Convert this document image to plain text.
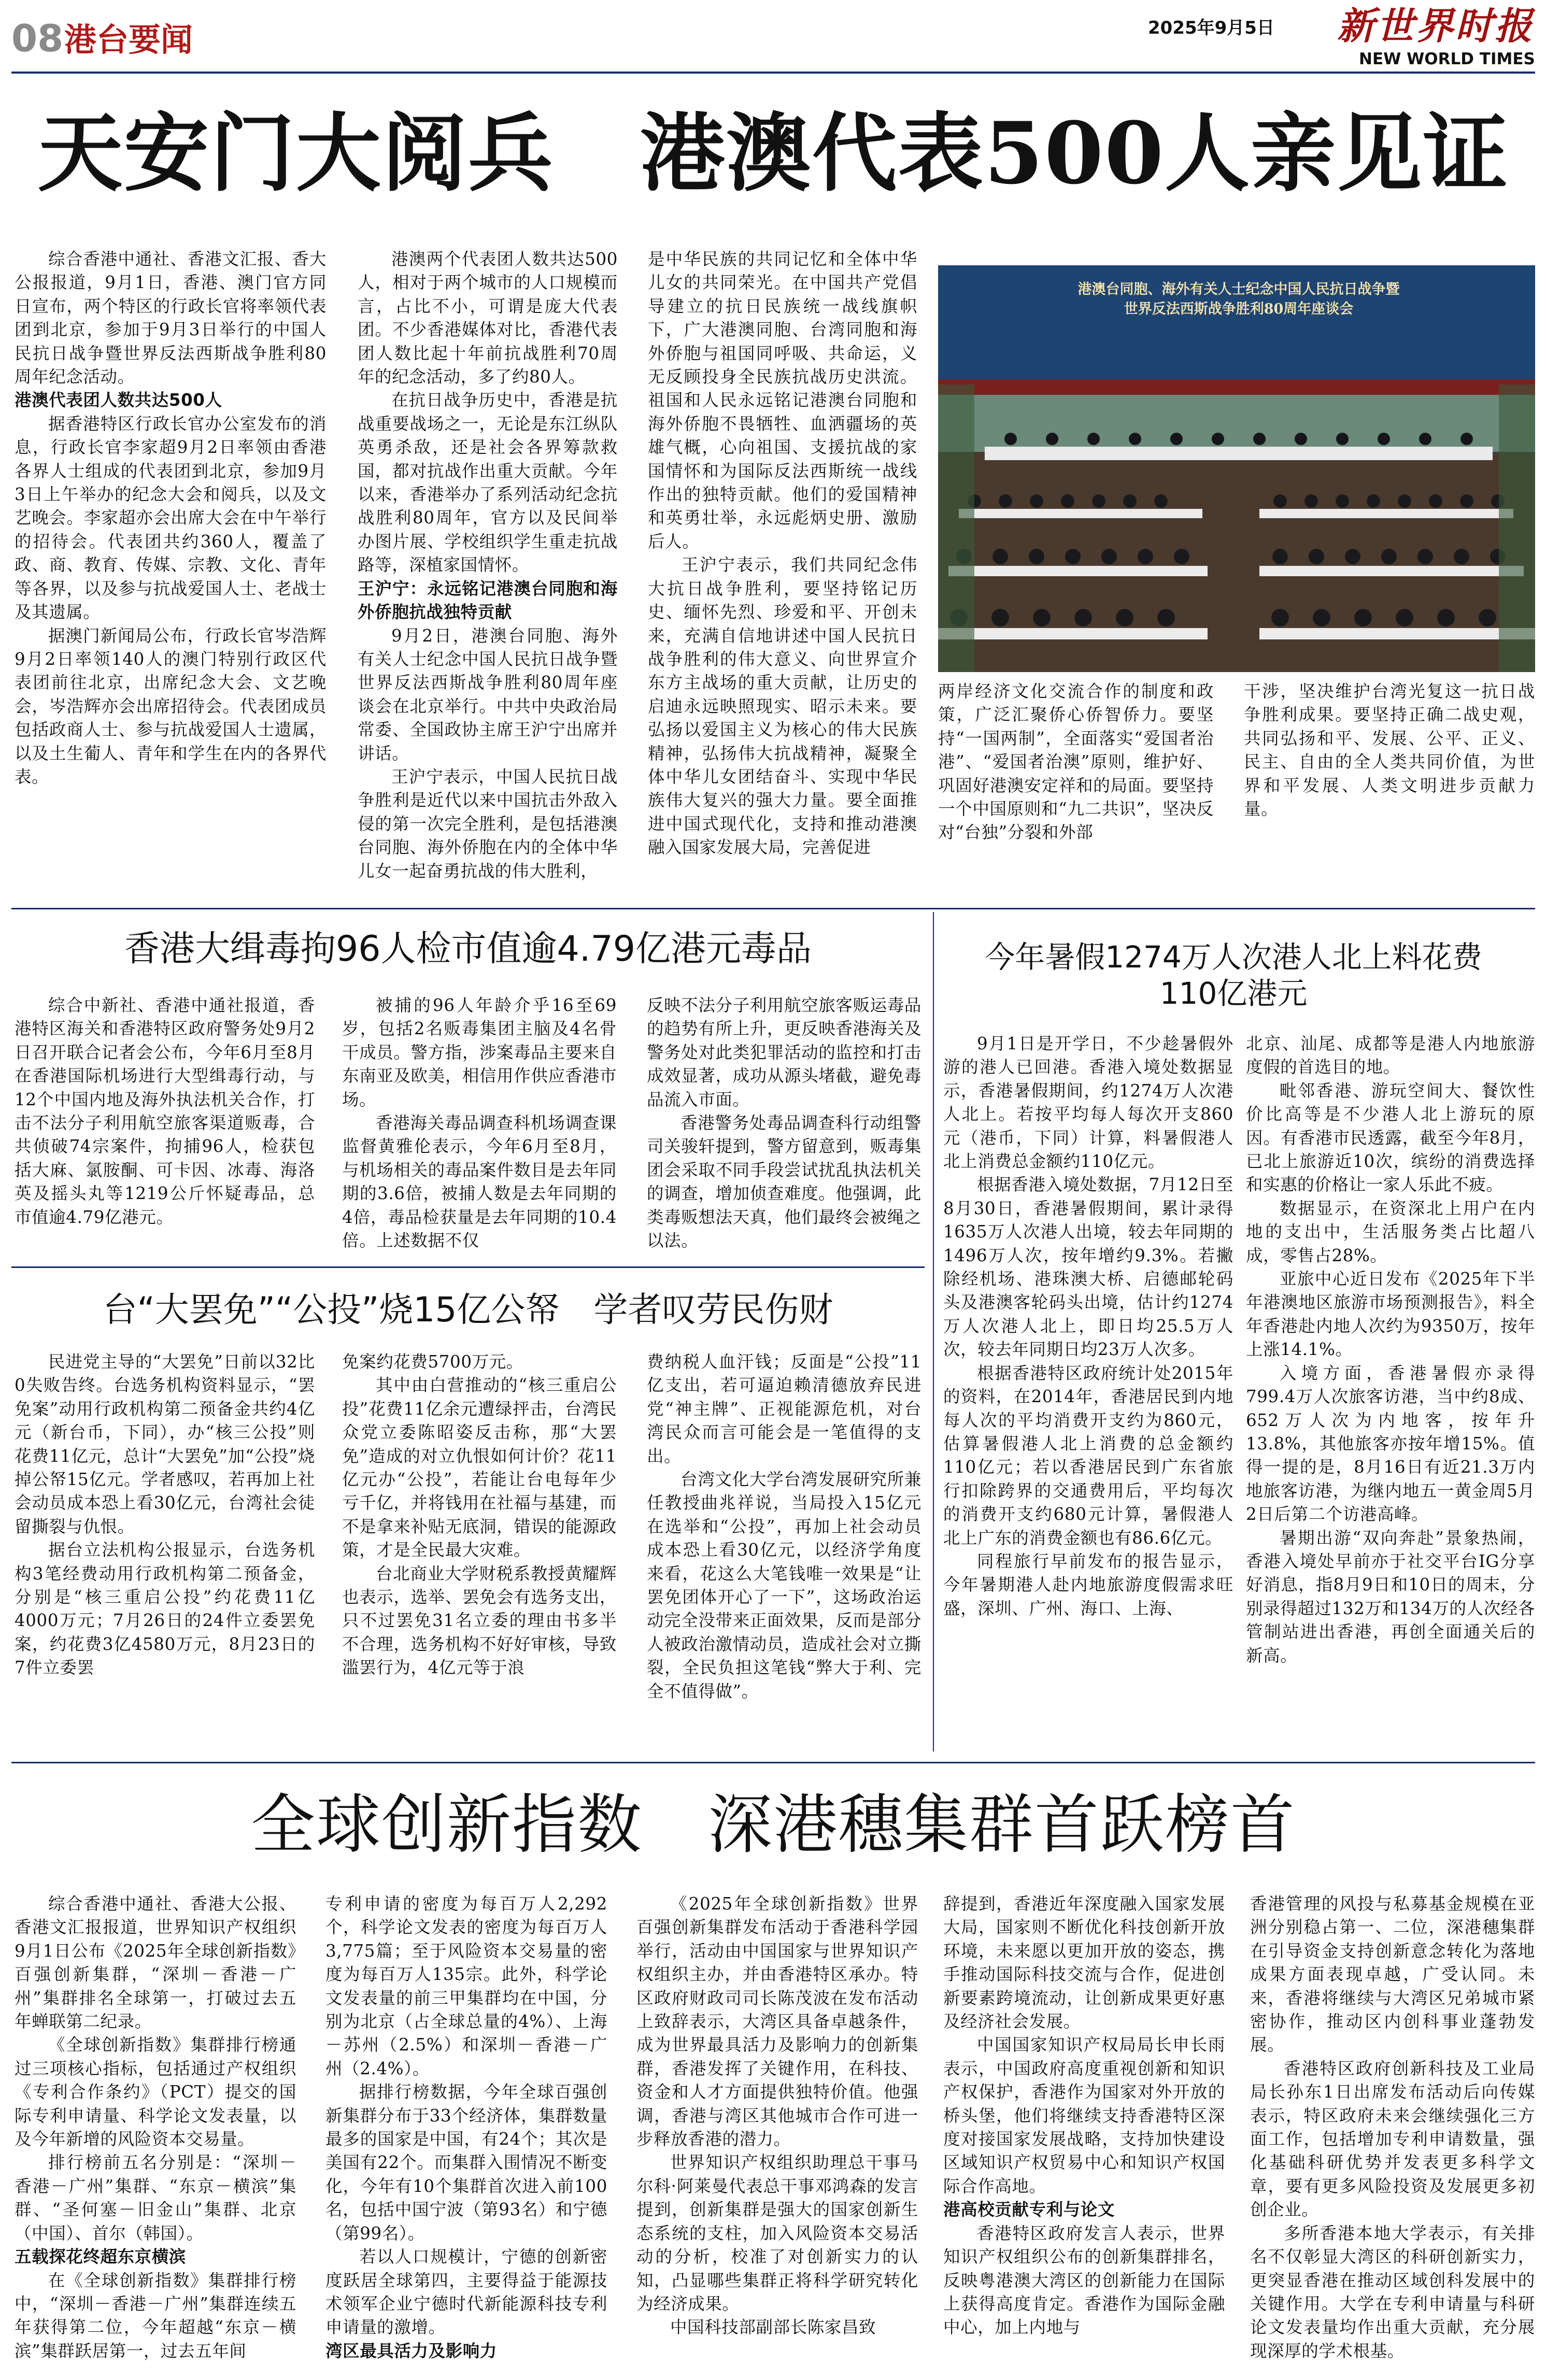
08 港台要闻	2025年9月5日 新世界时报
NEW WORLD TIMES
天安门大阅兵　港澳代表500人亲见证

综合香港中通社、香港文汇报、香大公报报道，9月1日，香港、澳门官方同日宣布，两个特区的行政长官将率领代表团到北京，参加于9月3日举行的中国人民抗日战争暨世界反法西斯战争胜利80周年纪念活动。

港澳代表团人数共达500人

据香港特区行政长官办公室发布的消息，行政长官李家超9月2日率领由香港各界人士组成的代表团到北京，参加9月3日上午举办的纪念大会和阅兵，以及文艺晚会。李家超亦会出席大会在中午举行的招待会。代表团共约360人，覆盖了政、商、教育、传媒、宗教、文化、青年等各界，以及参与抗战爱国人士、老战士及其遗属。

据澳门新闻局公布，行政长官岑浩辉9月2日率领140人的澳门特别行政区代表团前往北京，出席纪念大会、文艺晚会，岑浩辉亦会出席招待会。代表团成员包括政商人士、参与抗战爱国人士遗属，以及土生葡人、青年和学生在内的各界代表。

港澳两个代表团人数共达500人，相对于两个城市的人口规模而言，占比不小，可谓是庞大代表团。不少香港媒体对比，香港代表团人数比起十年前抗战胜利70周年的纪念活动，多了约80人。

在抗日战争历史中，香港是抗战重要战场之一，无论是东江纵队英勇杀敌，还是社会各界筹款救国，都对抗战作出重大贡献。今年以来，香港举办了系列活动纪念抗战胜利80周年，官方以及民间举办图片展、学校组织学生重走抗战路等，深植家国情怀。

王沪宁：永远铭记港澳台同胞和海外侨胞抗战独特贡献

9月2日，港澳台同胞、海外有关人士纪念中国人民抗日战争暨世界反法西斯战争胜利80周年座谈会在北京举行。中共中央政治局常委、全国政协主席王沪宁出席并讲话。

王沪宁表示，中国人民抗日战争胜利是近代以来中国抗击外敌入侵的第一次完全胜利，是包括港澳台同胞、海外侨胞在内的全体中华儿女一起奋勇抗战的伟大胜利，

是中华民族的共同记忆和全体中华儿女的共同荣光。在中国共产党倡导建立的抗日民族统一战线旗帜下，广大港澳同胞、台湾同胞和海外侨胞与祖国同呼吸、共命运，义无反顾投身全民族抗战历史洪流。祖国和人民永远铭记港澳台同胞和海外侨胞不畏牺牲、血洒疆场的英雄气概，心向祖国、支援抗战的家国情怀和为国际反法西斯统一战线作出的独特贡献。他们的爱国精神和英勇壮举，永远彪炳史册、激励后人。

王沪宁表示，我们共同纪念伟大抗日战争胜利，要坚持铭记历史、缅怀先烈、珍爱和平、开创未来，充满自信地讲述中国人民抗日战争胜利的伟大意义、向世界宣介东方主战场的重大贡献，让历史的启迪永远映照现实、昭示未来。要弘扬以爱国主义为核心的伟大民族精神，弘扬伟大抗战精神，凝聚全体中华儿女团结奋斗、实现中华民族伟大复兴的强大力量。要全面推进中国式现代化，支持和推动港澳融入国家发展大局，完善促进

港澳台同胞、海外有关人士纪念中国人民抗日战争暨世界反法西斯战争胜利80周年座谈会

两岸经济文化交流合作的制度和政策，广泛汇聚侨心侨智侨力。要坚持“一国两制”，全面落实“爱国者治港”、“爱国者治澳”原则，维护好、巩固好港澳安定祥和的局面。要坚持一个中国原则和“九二共识”，坚决反对“台独”分裂和外部

干涉，坚决维护台湾光复这一抗日战争胜利成果。要坚持正确二战史观，共同弘扬和平、发展、公平、正义、民主、自由的全人类共同价值，为世界和平发展、人类文明进步贡献力量。

香港大缉毒拘96人检市值逾4.79亿港元毒品

综合中新社、香港中通社报道，香港特区海关和香港特区政府警务处9月2日召开联合记者会公布，今年6月至8月在香港国际机场进行大型缉毒行动，与12个中国内地及海外执法机关合作，打击不法分子利用航空旅客渠道贩毒，合共侦破74宗案件，拘捕96人，检获包括大麻、氯胺酮、可卡因、冰毒、海洛英及摇头丸等1219公斤怀疑毒品，总市值逾4.79亿港元。

被捕的96人年龄介乎16至69岁，包括2名贩毒集团主脑及4名骨干成员。警方指，涉案毒品主要来自东南亚及欧美，相信用作供应香港市场。

香港海关毒品调查科机场调查课监督黄雅伦表示，今年6月至8月，与机场相关的毒品案件数目是去年同期的3.6倍，被捕人数是去年同期的4倍，毒品检获量是去年同期的10.4倍。上述数据不仅

反映不法分子利用航空旅客贩运毒品的趋势有所上升，更反映香港海关及警务处对此类犯罪活动的监控和打击成效显著，成功从源头堵截，避免毒品流入市面。

香港警务处毒品调查科行动组警司关骏轩提到，警方留意到，贩毒集团会采取不同手段尝试扰乱执法机关的调查，增加侦查难度。他强调，此类毒贩想法天真，他们最终会被绳之以法。

台“大罢免”“公投”烧15亿公帑　学者叹劳民伤财

民进党主导的“大罢免”日前以32比0失败告终。台选务机构资料显示，“罢免案”动用行政机构第二预备金共约4亿元（新台币，下同），办“核三公投”则花费11亿元，总计“大罢免”加“公投”烧掉公帑15亿元。学者感叹，若再加上社会动员成本恐上看30亿元，台湾社会徒留撕裂与仇恨。

据台立法机构公报显示，台选务机构3笔经费动用行政机构第二预备金，分别是“核三重启公投”约花费11亿4000万元；7月26日的24件立委罢免案，约花费3亿4580万元，8月23日的7件立委罢

免案约花费5700万元。

其中由白营推动的“核三重启公投”花费11亿余元遭绿抨击，台湾民众党立委陈昭姿反击称，那“大罢免”造成的对立仇恨如何计价？花11亿元办“公投”，若能让台电每年少亏千亿，并将钱用在社福与基建，而不是拿来补贴无底洞，错误的能源政策，才是全民最大灾难。

台北商业大学财税系教授黄耀辉也表示，选举、罢免会有选务支出，只不过罢免31名立委的理由书多半不合理，选务机构不好好审核，导致滥罢行为，4亿元等于浪

费纳税人血汗钱；反面是“公投”11亿支出，若可逼迫赖清德放弃民进党“神主牌”、正视能源危机，对台湾民众而言可能会是一笔值得的支出。

台湾文化大学台湾发展研究所兼任教授曲兆祥说，当局投入15亿元在选举和“公投”，再加上社会动员成本恐上看30亿元，以经济学角度来看，花这么大笔钱唯一效果是“让罢免团体开心了一下”，这场政治运动完全没带来正面效果，反而是部分人被政治激情动员，造成社会对立撕裂，全民负担这笔钱“弊大于利、完全不值得做”。

今年暑假1274万人次港人北上料花费110亿港元

9月1日是开学日，不少趁暑假外游的港人已回港。香港入境处数据显示，香港暑假期间，约1274万人次港人北上。若按平均每人每次开支860元（港币，下同）计算，料暑假港人北上消费总金额约110亿元。

根据香港入境处数据，7月12日至8月30日，香港暑假期间，累计录得1635万人次港人出境，较去年同期的1496万人次，按年增约9.3%。若撇除经机场、港珠澳大桥、启德邮轮码头及港澳客轮码头出境，估计约1274万人次港人北上，即日均25.5万人次，较去年同期日均23万人次多。

根据香港特区政府统计处2015年的资料，在2014年，香港居民到内地每人次的平均消费开支约为860元，估算暑假港人北上消费的总金额约110亿元；若以香港居民到广东省旅行扣除跨界的交通费用后，平均每次的消费开支约680元计算，暑假港人北上广东的消费金额也有86.6亿元。

同程旅行早前发布的报告显示，今年暑期港人赴内地旅游度假需求旺盛，深圳、广州、海口、上海、

北京、汕尾、成都等是港人内地旅游度假的首选目的地。

毗邻香港、游玩空间大、餐饮性价比高等是不少港人北上游玩的原因。有香港市民透露，截至今年8月，已北上旅游近10次，缤纷的消费选择和实惠的价格让一家人乐此不疲。

数据显示，在资深北上用户在内地的支出中，生活服务类占比超八成，零售占28%。

亚旅中心近日发布《2025年下半年港澳地区旅游市场预测报告》，料全年香港赴内地人次约为9350万，按年上涨14.1%。

入境方面，香港暑假亦录得799.4万人次旅客访港，当中约8成、652万人次为内地客，按年升13.8%，其他旅客亦按年增15%。值得一提的是，8月16日有近21.3万内地旅客访港，为继内地五一黄金周5月2日后第二个访港高峰。

暑期出游“双向奔赴”景象热闹，香港入境处早前亦于社交平台IG分享好消息，指8月9日和10日的周末，分别录得超过132万和134万的人次经各管制站进出香港，再创全面通关后的新高。

全球创新指数　深港穗集群首跃榜首

综合香港中通社、香港大公报、香港文汇报报道，世界知识产权组织9月1日公布《2025年全球创新指数》百强创新集群，“深圳－香港－广州”集群排名全球第一，打破过去五年蝉联第二纪录。

《全球创新指数》集群排行榜通过三项核心指标，包括通过产权组织《专利合作条约》（PCT）提交的国际专利申请量、科学论文发表量，以及今年新增的风险资本交易量。

排行榜前五名分别是：“深圳－香港－广州”集群、“东京－横滨”集群、“圣何塞－旧金山”集群、北京（中国）、首尔（韩国）。

五载探花终超东京横滨

在《全球创新指数》集群排行榜中，“深圳－香港－广州”集群连续五年获得第二位，今年超越“东京－横滨”集群跃居第一，过去五年间

专利申请的密度为每百万人2,292个，科学论文发表的密度为每百万人3,775篇；至于风险资本交易量的密度为每百万人135宗。此外，科学论文发表量的前三甲集群均在中国，分别为北京（占全球总量的4%）、上海－苏州（2.5%）和深圳－香港－广州（2.4%）。

据排行榜数据，今年全球百强创新集群分布于33个经济体，集群数量最多的国家是中国，有24个；其次是美国有22个。而集群入围情况不断变化，今年有10个集群首次进入前100名，包括中国宁波（第93名）和宁德（第99名）。

若以人口规模计，宁德的创新密度跃居全球第四，主要得益于能源技术领军企业宁德时代新能源科技专利申请量的激增。

湾区最具活力及影响力

《2025年全球创新指数》世界百强创新集群发布活动于香港科学园举行，活动由中国国家与世界知识产权组织主办，并由香港特区承办。特区政府财政司司长陈茂波在发布活动上致辞表示，大湾区具备卓越条件，成为世界最具活力及影响力的创新集群，香港发挥了关键作用，在科技、资金和人才方面提供独特价值。他强调，香港与湾区其他城市合作可进一步释放香港的潜力。

世界知识产权组织助理总干事马尔科·阿莱曼代表总干事邓鸿森的发言提到，创新集群是强大的国家创新生态系统的支柱，加入风险资本交易活动的分析，校准了对创新实力的认知，凸显哪些集群正将科学研究转化为经济成果。

中国科技部副部长陈家昌致

辞提到，香港近年深度融入国家发展大局，国家则不断优化科技创新开放环境，未来愿以更加开放的姿态，携手推动国际科技交流与合作，促进创新要素跨境流动，让创新成果更好惠及经济社会发展。

中国国家知识产权局局长申长雨表示，中国政府高度重视创新和知识产权保护，香港作为国家对外开放的桥头堡，他们将继续支持香港特区深度对接国家发展战略，支持加快建设区域知识产权贸易中心和知识产权国际合作高地。

港高校贡献专利与论文

香港特区政府发言人表示，世界知识产权组织公布的创新集群排名，反映粤港澳大湾区的创新能力在国际上获得高度肯定。香港作为国际金融中心，加上内地与

香港管理的风投与私募基金规模在亚洲分别稳占第一、二位，深港穗集群在引导资金支持创新意念转化为落地成果方面表现卓越，广受认同。未来，香港将继续与大湾区兄弟城市紧密协作，推动区内创科事业蓬勃发展。

香港特区政府创新科技及工业局局长孙东1日出席发布活动后向传媒表示，特区政府未来会继续强化三方面工作，包括增加专利申请数量，强化基础科研优势并发表更多科学文章，要有更多风险投资及发展更多初创企业。

多所香港本地大学表示，有关排名不仅彰显大湾区的科研创新实力，更突显香港在推动区域创科发展中的关键作用。大学在专利申请量与科研论文发表量均作出重大贡献，充分展现深厚的学术根基。
